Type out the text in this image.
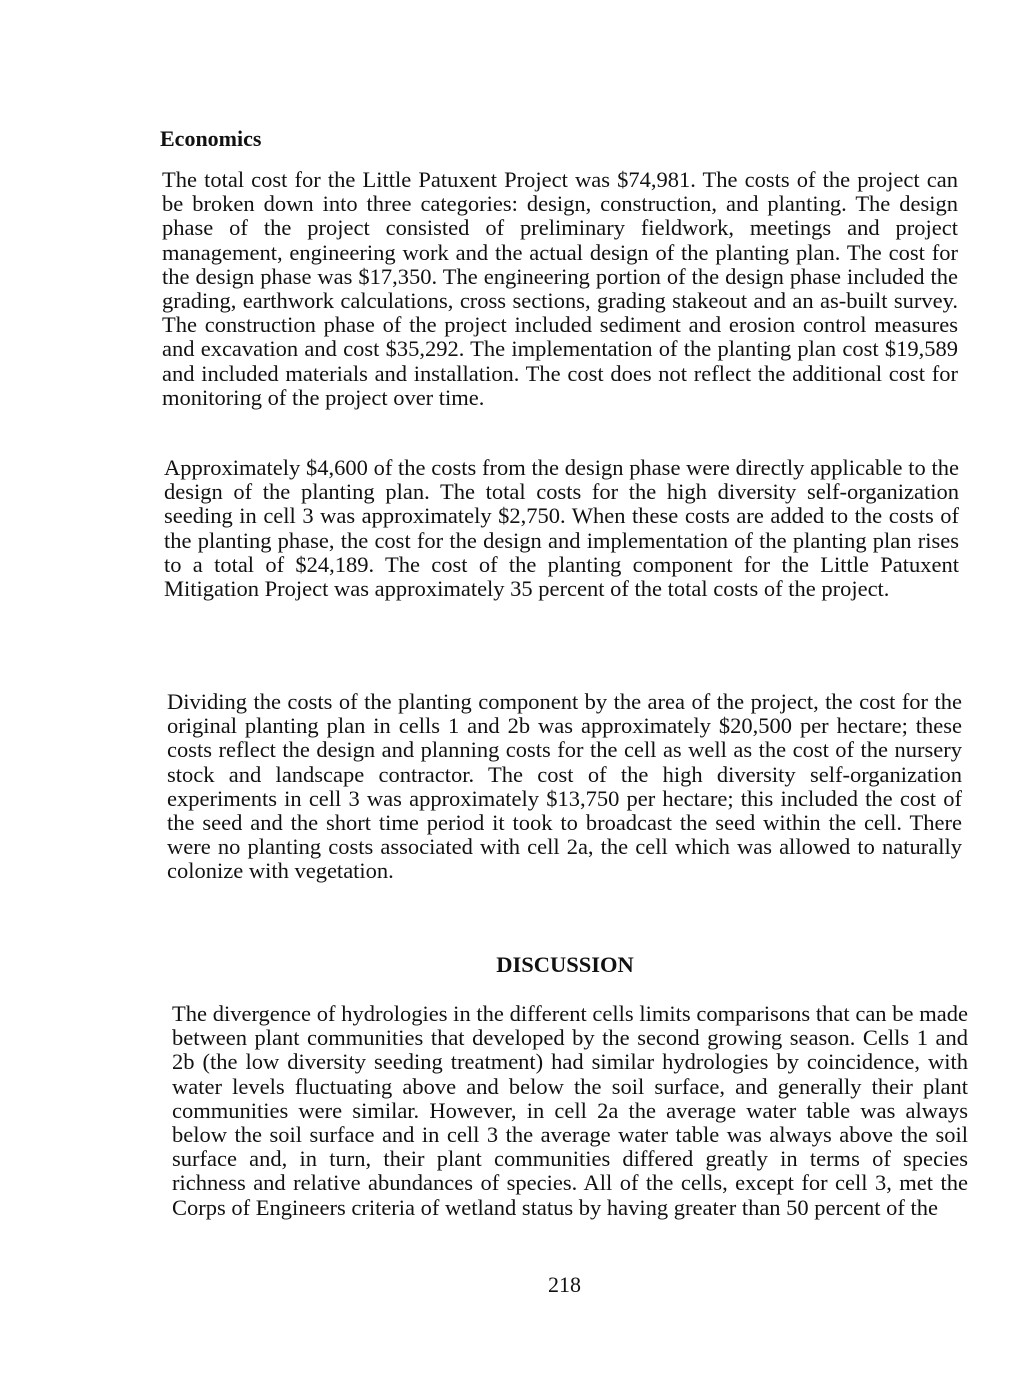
Economics

The total cost for the Little Patuxent Project was $74,981. The costs of the project can be broken down into three categories: design, construction, and planting. The design phase of the project consisted of preliminary fieldwork, meetings and project management, engineering work and the actual design of the planting plan. The cost for the design phase was $17,350. The engineering portion of the design phase included the grading, earthwork calculations, cross sections, grading stakeout and an as-built survey. The construction phase of the project included sediment and erosion control measures and excavation and cost $35,292. The implementation of the planting plan cost $19,589 and included materials and installation. The cost does not reflect the additional cost for monitoring of the project over time.

Approximately $4,600 of the costs from the design phase were directly applicable to the design of the planting plan. The total costs for the high diversity self-organization seeding in cell 3 was approximately $2,750. When these costs are added to the costs of the planting phase, the cost for the design and implementation of the planting plan rises to a total of $24,189. The cost of the planting component for the Little Patuxent Mitigation Project was approximately 35 percent of the total costs of the project.

Dividing the costs of the planting component by the area of the project, the cost for the original planting plan in cells 1 and 2b was approximately $20,500 per hectare; these costs reflect the design and planning costs for the cell as well as the cost of the nursery stock and landscape contractor. The cost of the high diversity self-organization experiments in cell 3 was approximately $13,750 per hectare; this included the cost of the seed and the short time period it took to broadcast the seed within the cell. There were no planting costs associated with cell 2a, the cell which was allowed to naturally colonize with vegetation.

DISCUSSION

The divergence of hydrologies in the different cells limits comparisons that can be made between plant communities that developed by the second growing season. Cells 1 and 2b (the low diversity seeding treatment) had similar hydrologies by coincidence, with water levels fluctuating above and below the soil surface, and generally their plant communities were similar. However, in cell 2a the average water table was always below the soil surface and in cell 3 the average water table was always above the soil surface and, in turn, their plant communities differed greatly in terms of species richness and relative abundances of species. All of the cells, except for cell 3, met the Corps of Engineers criteria of wetland status by having greater than 50 percent of the

218
